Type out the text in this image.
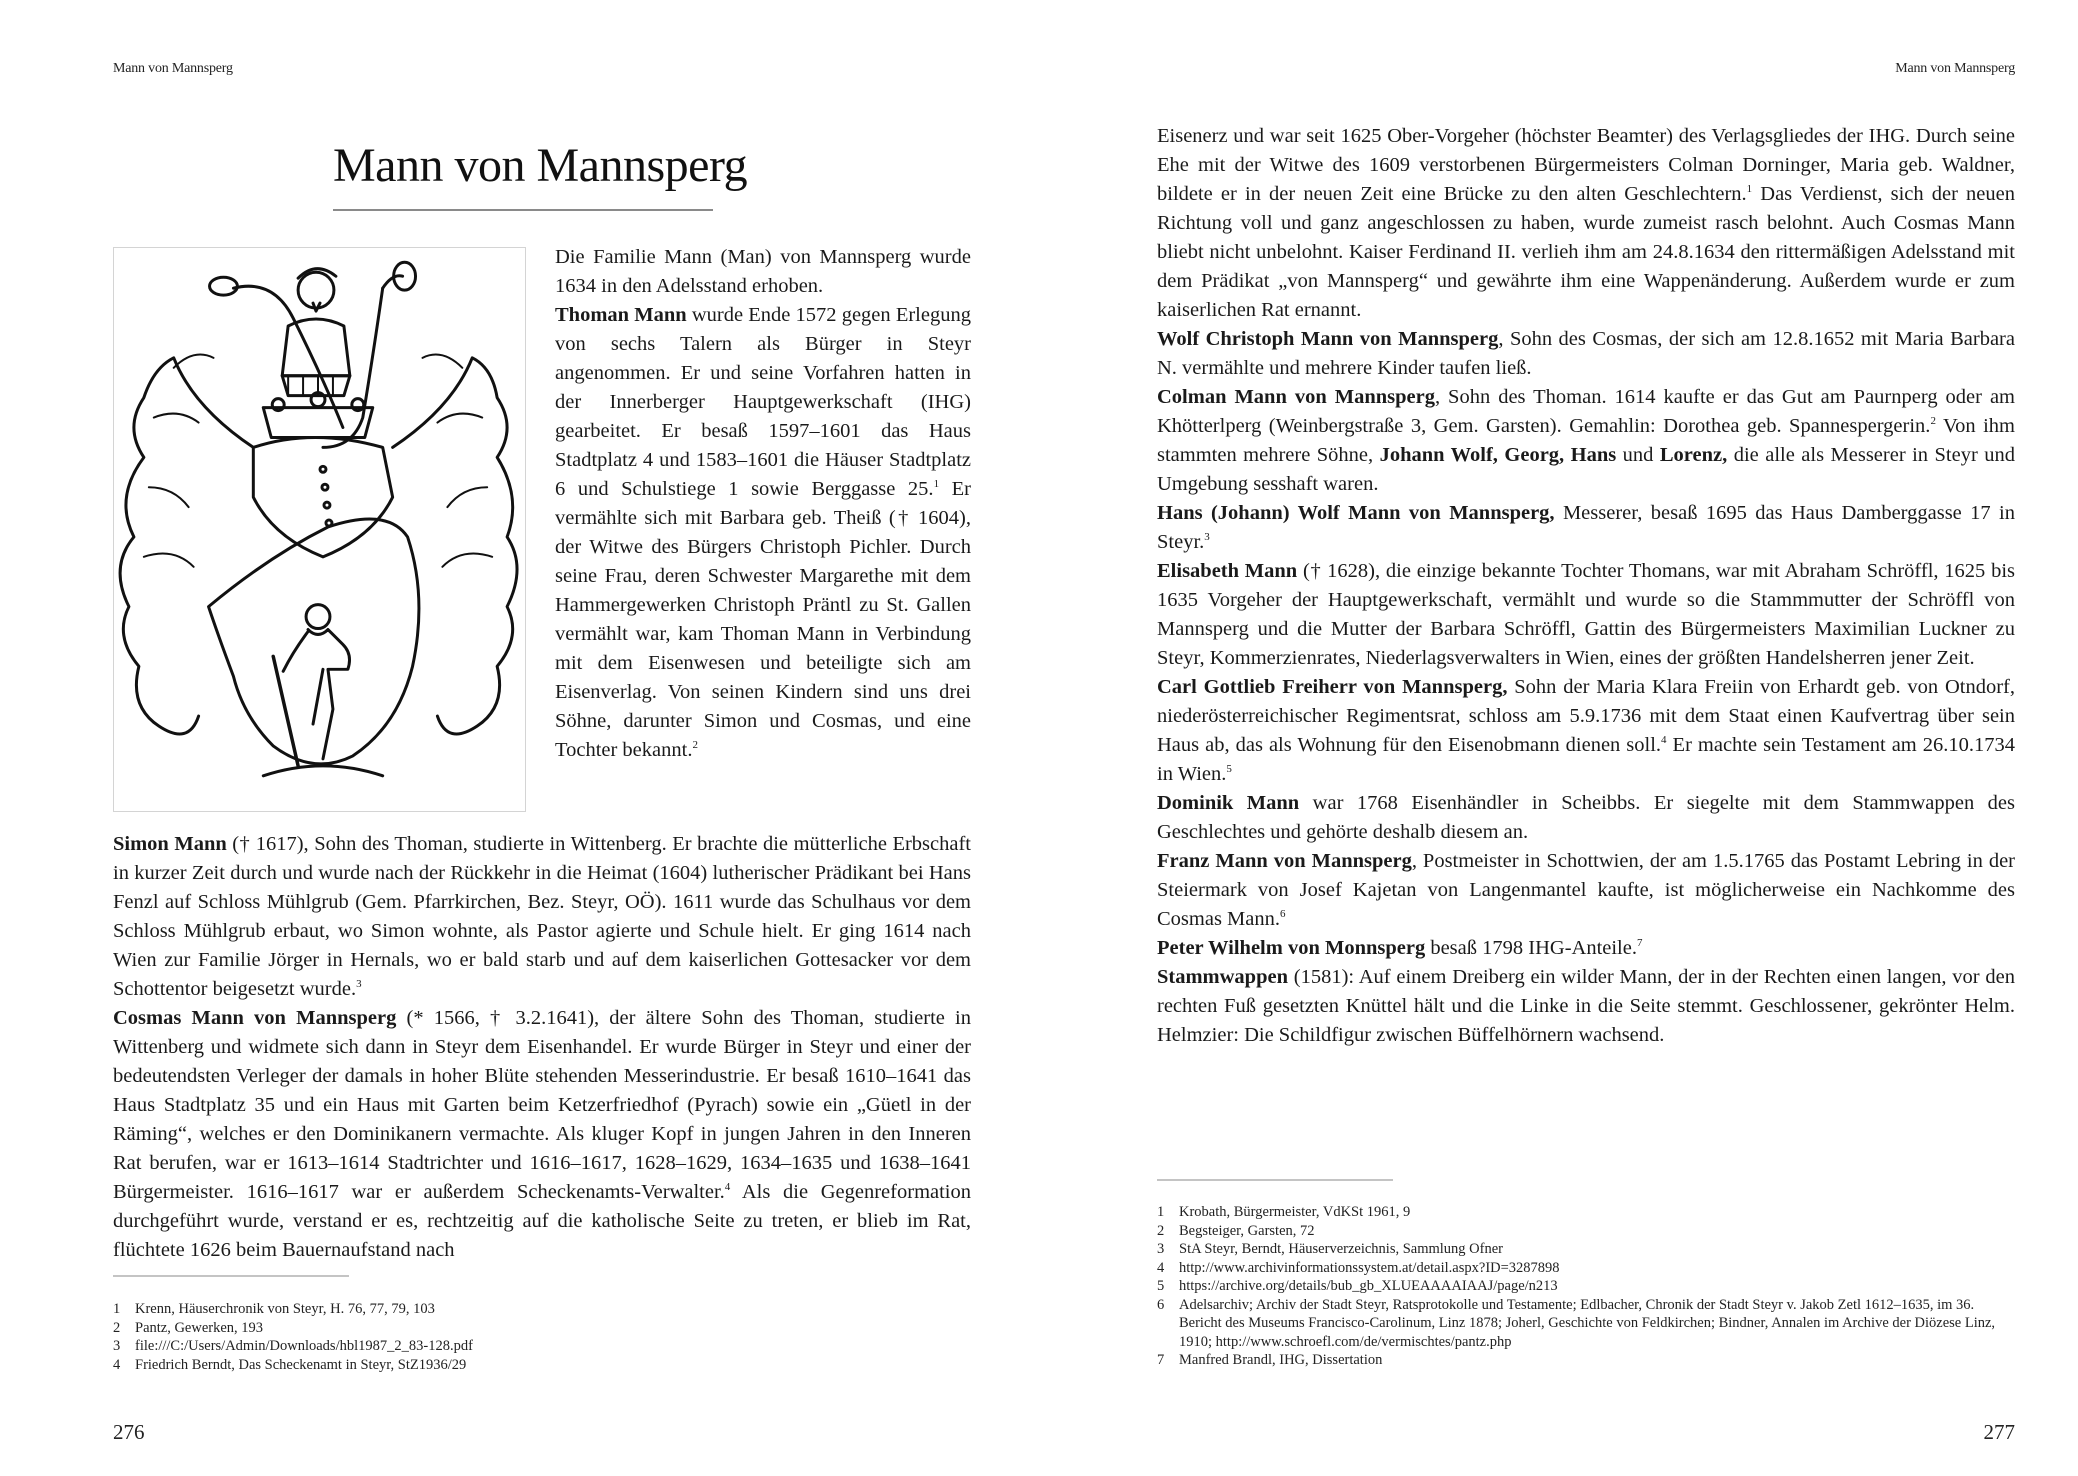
Mann von Mannsperg
Mann von Mannsperg

Die Familie Mann (Man) von Mannsperg wurde 1634 in den Adelsstand erhoben.

Thoman Mann wurde Ende 1572 gegen Erlegung von sechs Talern als Bürger in Steyr angenommen. Er und seine Vorfahren hatten in der Innerberger Hauptgewerkschaft (IHG) gearbeitet. Er besaß 1597–1601 das Haus Stadtplatz 4 und 1583–1601 die Häuser Stadtplatz 6 und Schulstiege 1 sowie Berggasse 25.$^1$ Er vermählte sich mit Barbara geb. Theiß († 1604), der Witwe des Bürgers Christoph Pichler. Durch seine Frau, deren Schwester Margarethe mit dem Hammergewerken Christoph Präntl zu St. Gallen vermählt war, kam Thoman Mann in Verbindung mit dem Eisenwesen und beteiligte sich am Eisenverlag. Von seinen Kindern sind uns drei Söhne, darunter Simon und Cosmas, und eine Tochter bekannt.$^2$

Simon Mann († 1617), Sohn des Thoman, studierte in Wittenberg. Er brachte die mütterliche Erbschaft in kurzer Zeit durch und wurde nach der Rückkehr in die Heimat (1604) lutherischer Prädikant bei Hans Fenzl auf Schloss Mühlgrub (Gem. Pfarrkirchen, Bez. Steyr, OÖ). 1611 wurde das Schulhaus vor dem Schloss Mühlgrub erbaut, wo Simon wohnte, als Pastor agierte und Schule hielt. Er ging 1614 nach Wien zur Familie Jörger in Hernals, wo er bald starb und auf dem kaiserlichen Gottesacker vor dem Schottentor beigesetzt wurde.$^3$

Cosmas Mann von Mannsperg (* 1566, † 3.2.1641), der ältere Sohn des Thoman, studierte in Wittenberg und widmete sich dann in Steyr dem Eisenhandel. Er wurde Bürger in Steyr und einer der bedeutendsten Verleger der damals in hoher Blüte stehenden Messerindustrie. Er besaß 1610–1641 das Haus Stadtplatz 35 und ein Haus mit Garten beim Ketzerfriedhof (Pyrach) sowie ein „Güetl in der Räming“, welches er den Dominikanern vermachte. Als kluger Kopf in jungen Jahren in den Inneren Rat berufen, war er 1613–1614 Stadtrichter und 1616–1617, 1628–1629, 1634–1635 und 1638–1641 Bürgermeister. 1616–1617 war er außerdem Scheckenamts-Verwalter.$^4$ Als die Gegenreformation durchgeführt wurde, verstand er es, rechtzeitig auf die katholische Seite zu treten, er blieb im Rat, flüchtete 1626 beim Bauernaufstand nach

1	Krenn, Häuserchronik von Steyr, H. 76, 77, 79, 103
2	Pantz, Gewerken, 193
3	file:///C:/Users/Admin/Downloads/hbl1987_2_83-128.pdf
4	Friedrich Berndt, Das Scheckenamt in Steyr, StZ1936/29
276
Mann von Mannsperg

Eisenerz und war seit 1625 Ober-Vorgeher (höchster Beamter) des Verlagsgliedes der IHG. Durch seine Ehe mit der Witwe des 1609 verstorbenen Bürgermeisters Colman Dorninger, Maria geb. Waldner, bildete er in der neuen Zeit eine Brücke zu den alten Geschlechtern.$^1$ Das Verdienst, sich der neuen Richtung voll und ganz angeschlossen zu haben, wurde zumeist rasch belohnt. Auch Cosmas Mann bliebt nicht unbelohnt. Kaiser Ferdinand II. verlieh ihm am 24.8.1634 den rittermäßigen Adelsstand mit dem Prädikat „von Mannsperg“ und gewährte ihm eine Wappenänderung. Außerdem wurde er zum kaiserlichen Rat ernannt.

Wolf Christoph Mann von Mannsperg, Sohn des Cosmas, der sich am 12.8.1652 mit Maria Barbara N. vermählte und mehrere Kinder taufen ließ.

Colman Mann von Mannsperg, Sohn des Thoman. 1614 kaufte er das Gut am Paurnperg oder am Khötterlperg (Weinbergstraße 3, Gem. Garsten). Gemahlin: Dorothea geb. Spannespergerin.$^2$ Von ihm stammten mehrere Söhne, Johann Wolf, Georg, Hans und Lorenz, die alle als Messerer in Steyr und Umgebung sesshaft waren.

Hans (Johann) Wolf Mann von Mannsperg, Messerer, besaß 1695 das Haus Damberggasse 17 in Steyr.$^3$

Elisabeth Mann († 1628), die einzige bekannte Tochter Thomans, war mit Abraham Schröffl, 1625 bis 1635 Vorgeher der Hauptgewerkschaft, vermählt und wurde so die Stammmutter der Schröffl von Mannsperg und die Mutter der Barbara Schröffl, Gattin des Bürgermeisters Maximilian Luckner zu Steyr, Kommerzienrates, Niederlagsverwalters in Wien, eines der größten Handelsherren jener Zeit.

Carl Gottlieb Freiherr von Mannsperg, Sohn der Maria Klara Freiin von Erhardt geb. von Otndorf, niederösterreichischer Regimentsrat, schloss am 5.9.1736 mit dem Staat einen Kaufvertrag über sein Haus ab, das als Wohnung für den Eisenobmann dienen soll.$^4$ Er machte sein Testament am 26.10.1734 in Wien.$^5$

Dominik Mann war 1768 Eisenhändler in Scheibbs. Er siegelte mit dem Stammwappen des Geschlechtes und gehörte deshalb diesem an.

Franz Mann von Mannsperg, Postmeister in Schottwien, der am 1.5.1765 das Postamt Lebring in der Steiermark von Josef Kajetan von Langenmantel kaufte, ist möglicherweise ein Nachkomme des Cosmas Mann.$^6$

Peter Wilhelm von Monnsperg besaß 1798 IHG-Anteile.$^7$

Stammwappen (1581): Auf einem Dreiberg ein wilder Mann, der in der Rechten einen langen, vor den rechten Fuß gesetzten Knüttel hält und die Linke in die Seite stemmt. Geschlossener, gekrönter Helm. Helmzier: Die Schildfigur zwischen Büffelhörnern wachsend.

1	Krobath, Bürgermeister, VdKSt 1961, 9
2	Begsteiger, Garsten, 72
3	StA Steyr, Berndt, Häuserverzeichnis, Sammlung Ofner
4	http://www.archivinformationssystem.at/detail.aspx?ID=3287898
5	https://archive.org/details/bub_gb_XLUEAAAAIAAJ/page/n213
6	Adelsarchiv; Archiv der Stadt Steyr, Ratsprotokolle und Testamente; Edlbacher, Chronik der Stadt Steyr v. Jakob Zetl 1612–1635, im 36. Bericht des Museums Francisco-Carolinum, Linz 1878; Joherl, Geschichte von Feldkirchen; Bindner, Annalen im Archive der Diözese Linz, 1910; http://www.schroefl.com/de/vermischtes/pantz.php
7	Manfred Brandl, IHG, Dissertation
277
